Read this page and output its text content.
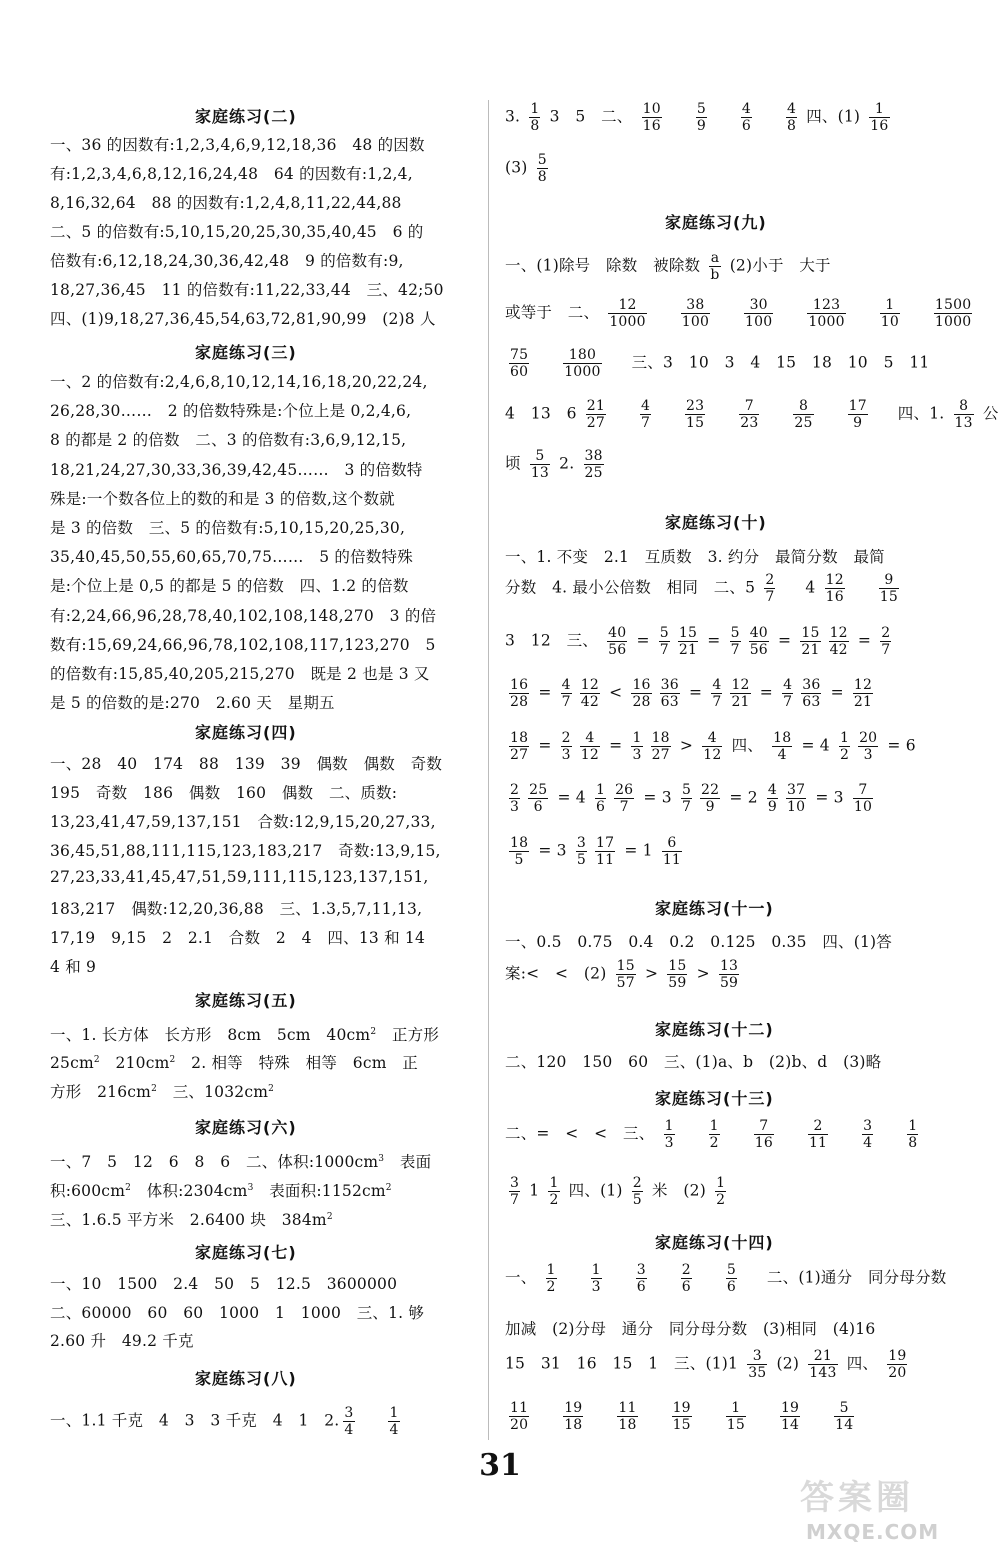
家庭练习(二)
一、36 的因数有:1,2,3,4,6,9,12,18,36　48 的因数
有:1,2,3,4,6,8,12,16,24,48　64 的因数有:1,2,4,
8,16,32,64　88 的因数有:1,2,4,8,11,22,44,88
二、5 的倍数有:5,10,15,20,25,30,35,40,45　6 的
倍数有:6,12,18,24,30,36,42,48　9 的倍数有:9,
18,27,36,45　11 的倍数有:11,22,33,44　三、42;50
四、(1)9,18,27,36,45,54,63,72,81,90,99　(2)8 人
家庭练习(三)
一、2 的倍数有:2,4,6,8,10,12,14,16,18,20,22,24,
26,28,30……　2 的倍数特殊是:个位上是 0,2,4,6,
8 的都是 2 的倍数　二、3 的倍数有:3,6,9,12,15,
18,21,24,27,30,33,36,39,42,45……　3 的倍数特
殊是:一个数各位上的数的和是 3 的倍数,这个数就
是 3 的倍数　三、5 的倍数有:5,10,15,20,25,30,
35,40,45,50,55,60,65,70,75……　5 的倍数特殊
是:个位上是 0,5 的都是 5 的倍数　四、1.2 的倍数
有:2,24,66,96,28,78,40,102,108,148,270　3 的倍
数有:15,69,24,66,96,78,102,108,117,123,270　5
的倍数有:15,85,40,205,215,270　既是 2 也是 3 又
是 5 的倍数的是:270　2.60 天　星期五
家庭练习(四)
一、28　40　174　88　139　39　偶数　偶数　奇数
195　奇数　186　偶数　160　偶数　二、质数:
13,23,41,47,59,137,151　合数:12,9,15,20,27,33,
36,45,51,88,111,115,123,183,217　奇数:13,9,15,
27,23,33,41,45,47,51,59,111,115,123,137,151,
183,217　偶数:12,20,36,88　三、1.3,5,7,11,13,
17,19　9,15　2　2.1　合数　2　4　四、13 和 14
4 和 9
家庭练习(五)
一、1. 长方体　长方形　8cm　5cm　$40cm^2$　正方形
$25cm^2$　$210cm^2$　2. 相等　特殊　相等　6cm　正
方形　$216cm^2$　三、$1032cm^2$
家庭练习(六)
一、7　5　12　6　8　6　二、体积$:1000cm^3$　表面
积$:600cm^2$　体积$:2304cm^3$　表面积$:1152cm^2$
三、1.6.5 平方米　2.6400 块　$384m^2$
家庭练习(七)
一、10　1500　2.4　50　5　12.5　3600000
二、60000　60　60　1000　1　1000　三、1. 够
2.60 升　49.2 千克
家庭练习(八)
一、1.1 千克　4　3　3 千克　4　1　2. $\frac{3}{4}$
　 $\frac{1}{4}$
3. $\frac{1}{8} 3$　5　二、 $\frac{10}{16}$
　 $\frac{5}{9}$
　 $\frac{4}{6}$
　 $\frac{4}{8}$ 四、$(1) \frac{1}{16}$
$(3) \frac{5}{8}$
家庭练习(九)
一、(1)除号　除数　被除数 $\frac{a}{b} (2)$小于　大于
或等于　二、 $\frac{12}{1000}$
　 $\frac{38}{100}$
　 $\frac{30}{100}$
　 $\frac{123}{1000}$
　 $\frac{1}{10}$
　 $\frac{1500}{1000}$

$\frac{75}{60}$
　 $\frac{180}{1000}$
　 三、3　10　3　4　15　18　10　5　11
4　13　$6 \frac{21}{27}$
　 $\frac{4}{7}$
　 $\frac{23}{15}$
　 $\frac{7}{23}$
　 $\frac{8}{25}$
　 $\frac{17}{9}$
　 四、1. $\frac{8}{13}$ 公
顷 $\frac{5}{13} 2$. $\frac{38}{25}$
家庭练习(十)
一、1. 不变　2.1　互质数　3. 约分　最简分数　最简
分数　4. 最小公倍数　相同　二、$5 \frac{2}{7}$
　 $4 \frac{12}{16}$
　 $\frac{9}{15}$

3　12　三、 $\frac{40}{56} = \frac{5}{7} \frac{15}{21} = \frac{5}{7} \frac{40}{56} = \frac{15}{21} \frac{12}{42} = \frac{2}{7}$
$\frac{16}{28} = \frac{4}{7} \frac{12}{42} < \frac{16}{28} \frac{36}{63} = \frac{4}{7} \frac{12}{21} = \frac{4}{7} \frac{36}{63} = \frac{12}{21}$
$\frac{18}{27} = \frac{2}{3} \frac{4}{12} = \frac{1}{3} \frac{18}{27} > \frac{4}{12}$ 四、 $\frac{18}{4} = 4 \frac{1}{2} \frac{20}{3} = 6$
$\frac{2}{3} \frac{25}{6} = 4 \frac{1}{6} \frac{26}{7} = 3 \frac{5}{7} \frac{22}{9} = 2 \frac{4}{9} \frac{37}{10} = 3 \frac{7}{10}$
$\frac{18}{5} = 3 \frac{3}{5} \frac{17}{11} = 1 \frac{6}{11}$
家庭练习(十一)
一、0.5　0.75　0.4　0.2　0.125　0.35　四、(1)答
案:<　<　$(2) \frac{15}{57} > \frac{15}{59} > \frac{13}{59}$
家庭练习(十二)
二、120　150　60　三、(1)a、b　(2)b、d　(3)略
家庭练习(十三)
二、=　<　<　三、 $\frac{1}{3}$
　 $\frac{1}{2}$
　 $\frac{7}{16}$
　 $\frac{2}{11}$
　 $\frac{3}{4}$
　 $\frac{1}{8}$

$\frac{3}{7} 1 \frac{1}{2}$ 四、$(1) \frac{2}{5}$ 米　$(2) \frac{1}{2}$
家庭练习(十四)
一、 $\frac{1}{2}$
　 $\frac{1}{3}$
　 $\frac{3}{6}$
　 $\frac{2}{6}$
　 $\frac{5}{6}$
　 二、(1)通分　同分母分数
加减　(2)分母　通分　同分母分数　(3)相同　(4)16
15　31　16　15　1　三、$(1)1 \frac{3}{35} (2) \frac{21}{143}$ 四、 $\frac{19}{20}$
$\frac{11}{20}$
　 $\frac{19}{18}$
　 $\frac{11}{18}$
　 $\frac{19}{15}$
　 $\frac{1}{15}$
　 $\frac{19}{14}$
　 $\frac{5}{14}$

31
答案圈
MXQE.COM
